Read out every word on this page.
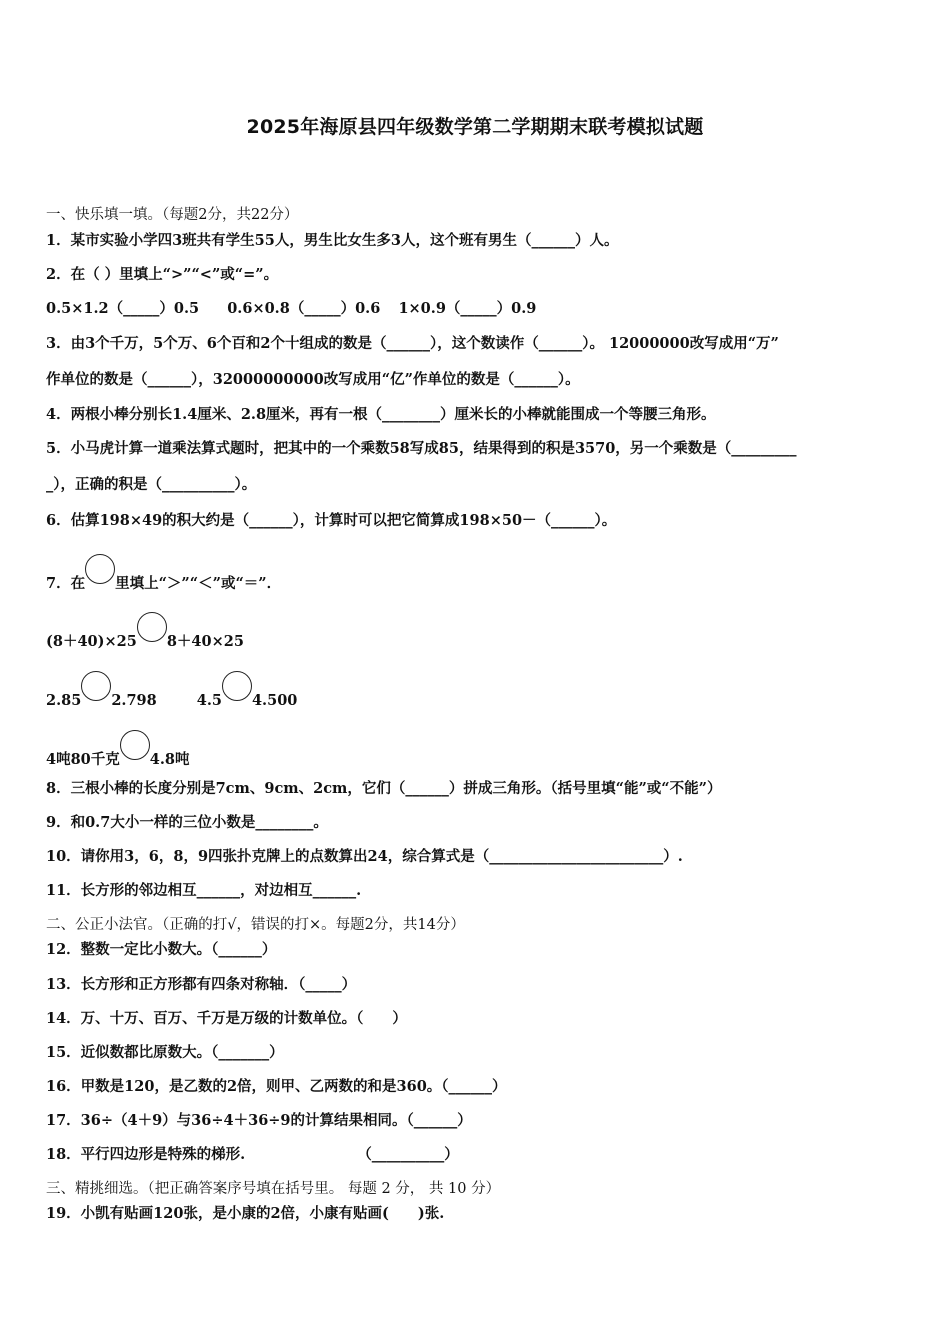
2025年海原县四年级数学第二学期期末联考模拟试题
一、快乐填一填。（每题2分，共22分）
1．某市实验小学四3班共有学生55人，男生比女生多3人，这个班有男生（______）人。
2．在（ ）里填上“>”“<”或“=”。
0.5×1.2（_____）0.5 0.6×0.8（_____）0.6 1×0.9（_____）0.9
3．由3个千万，5个万、6个百和2个十组成的数是（______），这个数读作（______）。 12000000改写成用“万”
作单位的数是（______），32000000000改写成用“亿”作单位的数是（______）。
4．两根小棒分别长1.4厘米、2.8厘米，再有一根（________）厘米长的小棒就能围成一个等腰三角形。
5．小马虎计算一道乘法算式题时，把其中的一个乘数58写成85，结果得到的积是3570，另一个乘数是（_________
_），正确的积是（__________）。
6．估算198×49的积大约是（______），计算时可以把它简算成198×50－（______）。
7．在 里填上“＞”“＜”或“＝”．
(8＋40)×25 8＋40×25
2.85 2.798	4.5 4.500
4吨80千克 4.8吨
8．三根小棒的长度分别是7cm、9cm、2cm，它们（______）拼成三角形。（括号里填“能”或“不能”）
9．和0.7大小一样的三位小数是________。
10．请你用3，6，8，9四张扑克牌上的点数算出24，综合算式是（________________________）.
11．长方形的邻边相互______，对边相互______.
二、公正小法官。（正确的打√，错误的打×。每题2分，共14分）
12．整数一定比小数大。（______）
13．长方形和正方形都有四条对称轴．（_____）
14．万、十万、百万、千万是万级的计数单位。（　　）
15．近似数都比原数大。（_______）
16．甲数是120，是乙数的2倍，则甲、乙两数的和是360。（______）
17．36÷（4＋9）与36÷4＋36÷9的计算结果相同。（______）
18．平行四边形是特殊的梯形.	（__________）
三、精挑细选。（把正确答案序号填在括号里。 每题 2 分， 共 10 分）
19．小凯有贴画120张，是小康的2倍，小康有贴画(　　)张.
